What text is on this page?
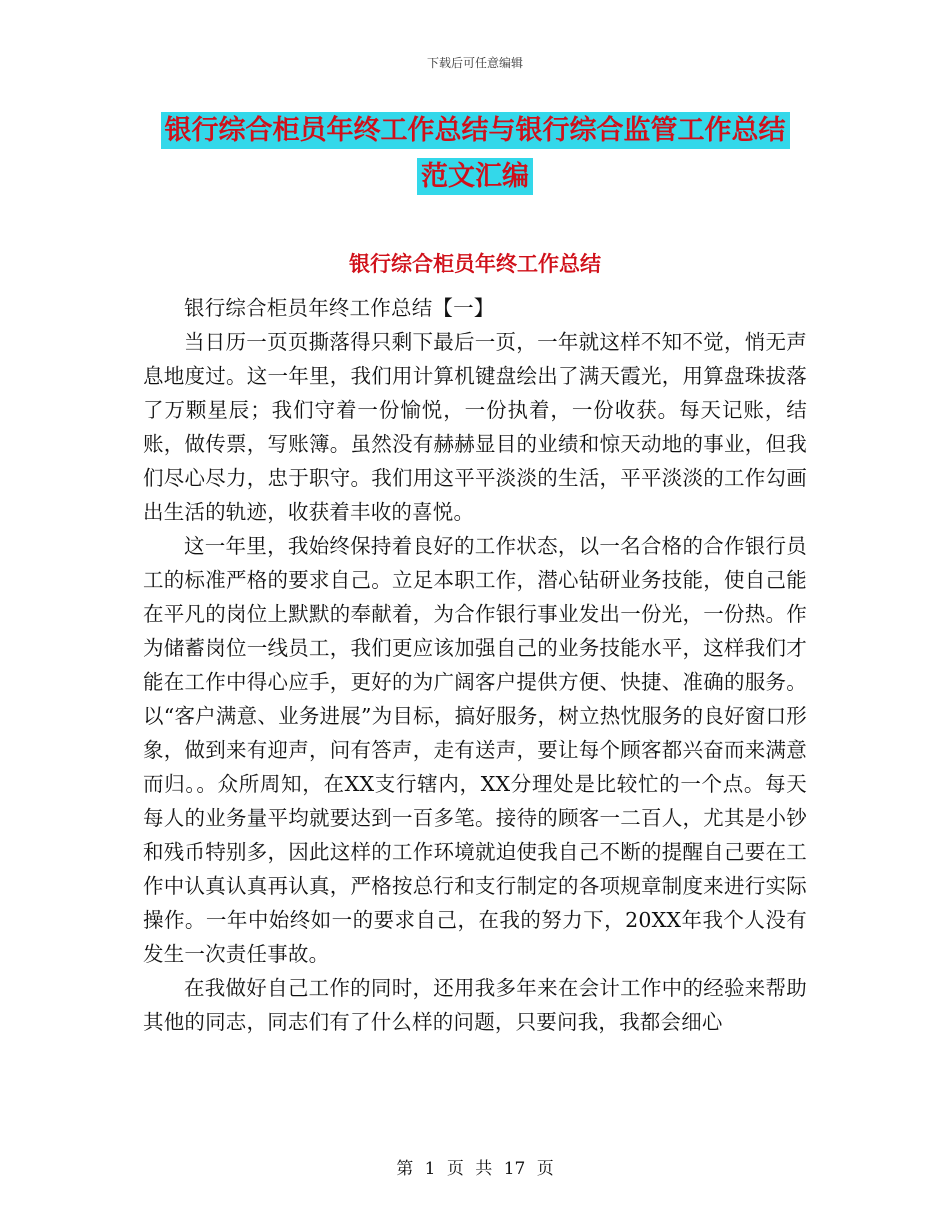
下载后可任意编辑
银行综合柜员年终工作总结与银行综合监管工作总结
范文汇编
银行综合柜员年终工作总结

银行综合柜员年终工作总结【一】

当日历一页页撕落得只剩下最后一页，一年就这样不知不觉，悄无声息地度过。这一年里，我们用计算机键盘绘出了满天霞光，用算盘珠拔落了万颗星辰；我们守着一份愉悦，一份执着，一份收获。每天记账，结账，做传票，写账簿。虽然没有赫赫显目的业绩和惊天动地的事业，但我们尽心尽力，忠于职守。我们用这平平淡淡的生活，平平淡淡的工作勾画出生活的轨迹，收获着丰收的喜悦。

这一年里，我始终保持着良好的工作状态，以一名合格的合作银行员工的标准严格的要求自己。立足本职工作，潜心钻研业务技能，使自己能在平凡的岗位上默默的奉献着，为合作银行事业发出一份光，一份热。作为储蓄岗位一线员工，我们更应该加强自己的业务技能水平，这样我们才能在工作中得心应手，更好的为广阔客户提供方便、快捷、准确的服务。以“客户满意、业务进展”为目标，搞好服务，树立热忱服务的良好窗口形象，做到来有迎声，问有答声，走有送声，要让每个顾客都兴奋而来满意而归。。众所周知，在XX支行辖内，XX分理处是比较忙的一个点。每天每人的业务量平均就要达到一百多笔。接待的顾客一二百人，尤其是小钞和残币特别多，因此这样的工作环境就迫使我自己不断的提醒自己要在工作中认真认真再认真，严格按总行和支行制定的各项规章制度来进行实际操作。一年中始终如一的要求自己，在我的努力下，20XX年我个人没有发生一次责任事故。

在我做好自己工作的同时，还用我多年来在会计工作中的经验来帮助其他的同志，同志们有了什么样的问题，只要问我，我都会细心

第 1 页 共 17 页
